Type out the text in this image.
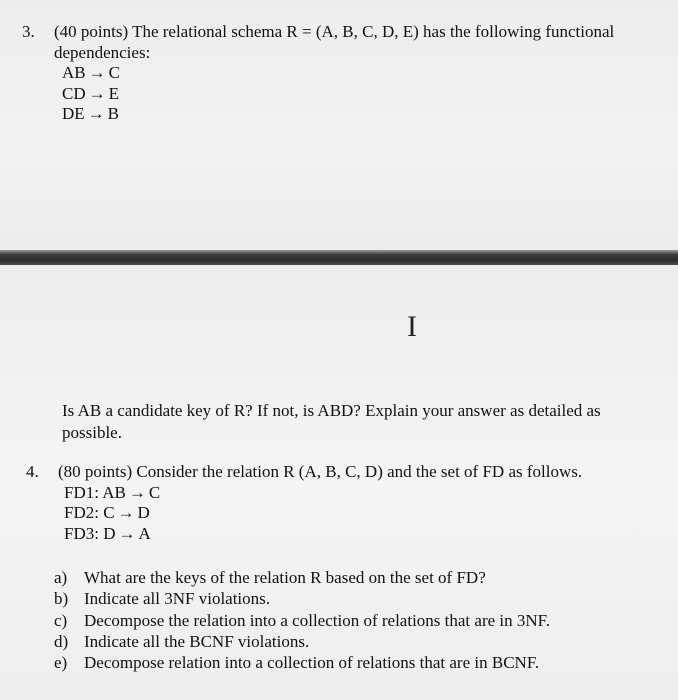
3.	(40 points) The relational schema R = (A, B, C, D, E) has the following functional dependencies:
AB → C
CD → E
DE → B
I
Is AB a candidate key of R? If not, is ABD? Explain your answer as detailed as possible.
4.	(80 points) Consider the relation R (A, B, C, D) and the set of FD as follows.
FD1: AB → C
FD2: C → D
FD3: D → A
a) What are the keys of the relation R based on the set of FD?
b) Indicate all 3NF violations.
c) Decompose the relation into a collection of relations that are in 3NF.
d) Indicate all the BCNF violations.
e) Decompose relation into a collection of relations that are in BCNF.
